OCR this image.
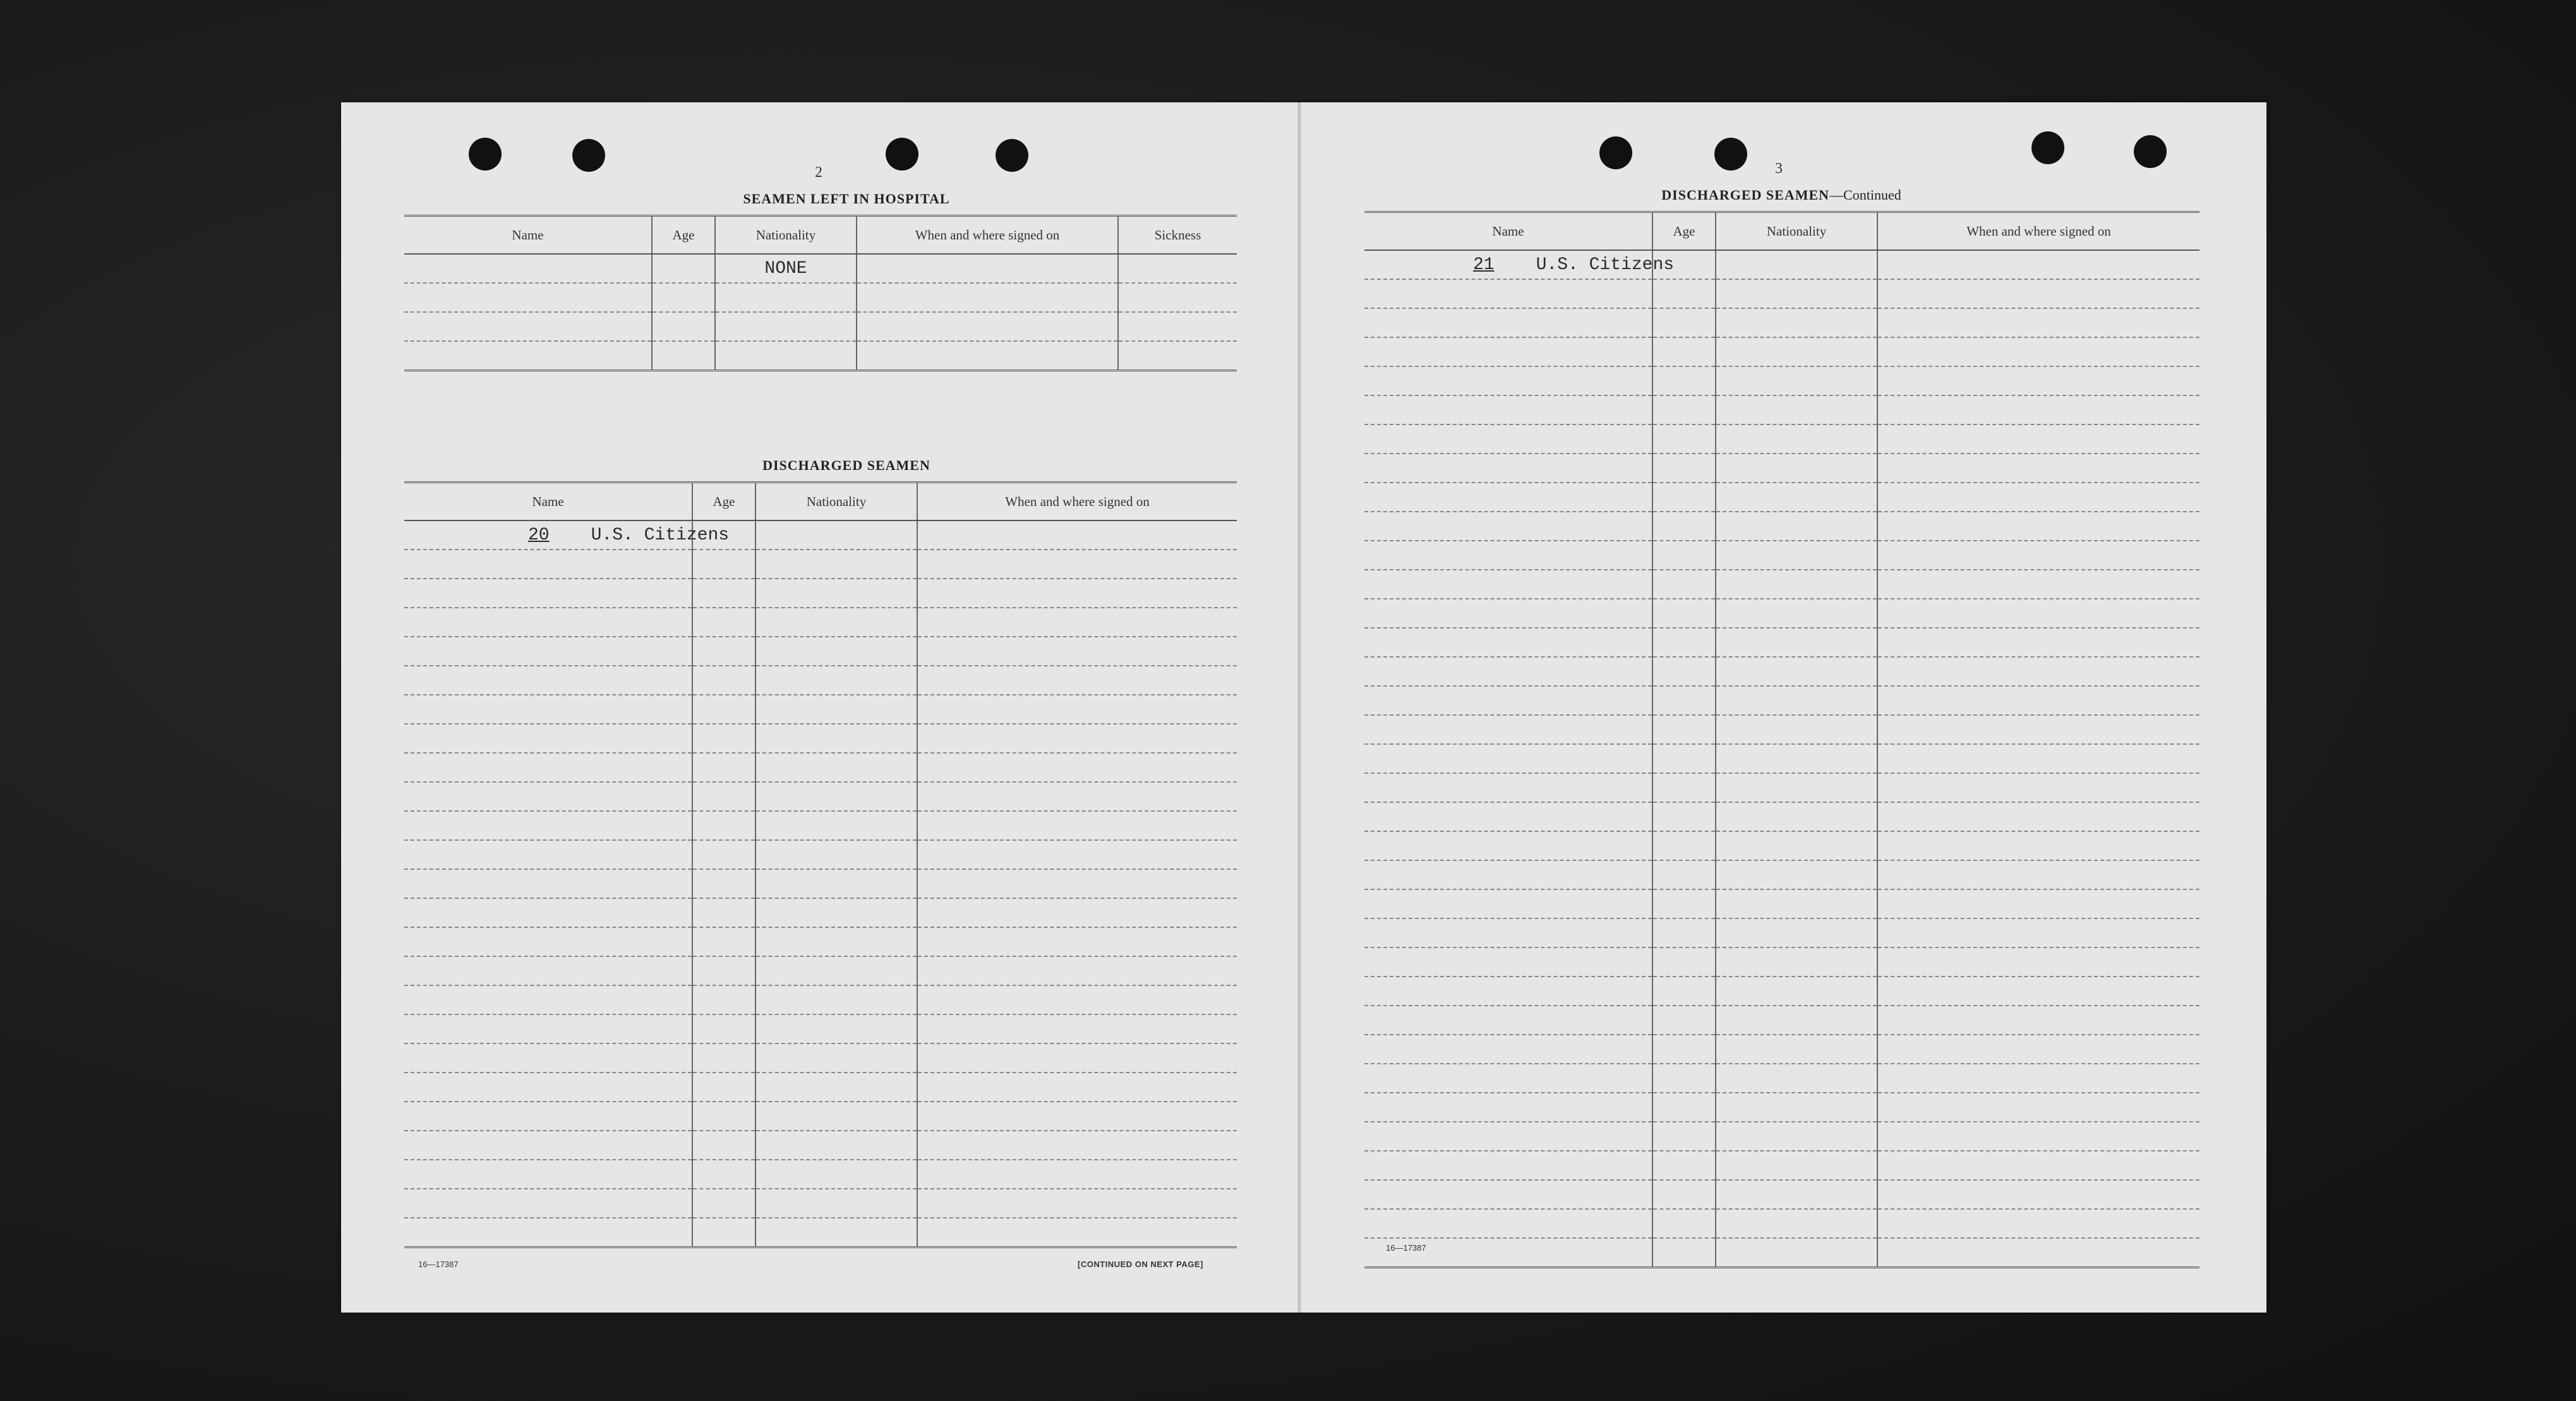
2
SEAMEN LEFT IN HOSPITAL
Name	Age	Nationality	When and where signed on	Sickness
		NONE		

DISCHARGED SEAMEN
Name	Age	Nationality	When and where signed on
20 U.S. Citizens			

16—17387	[CONTINUED ON NEXT PAGE]
3
DISCHARGED SEAMEN—Continued
Name	Age	Nationality	When and where signed on
21 U.S. Citizens			

16—17387
